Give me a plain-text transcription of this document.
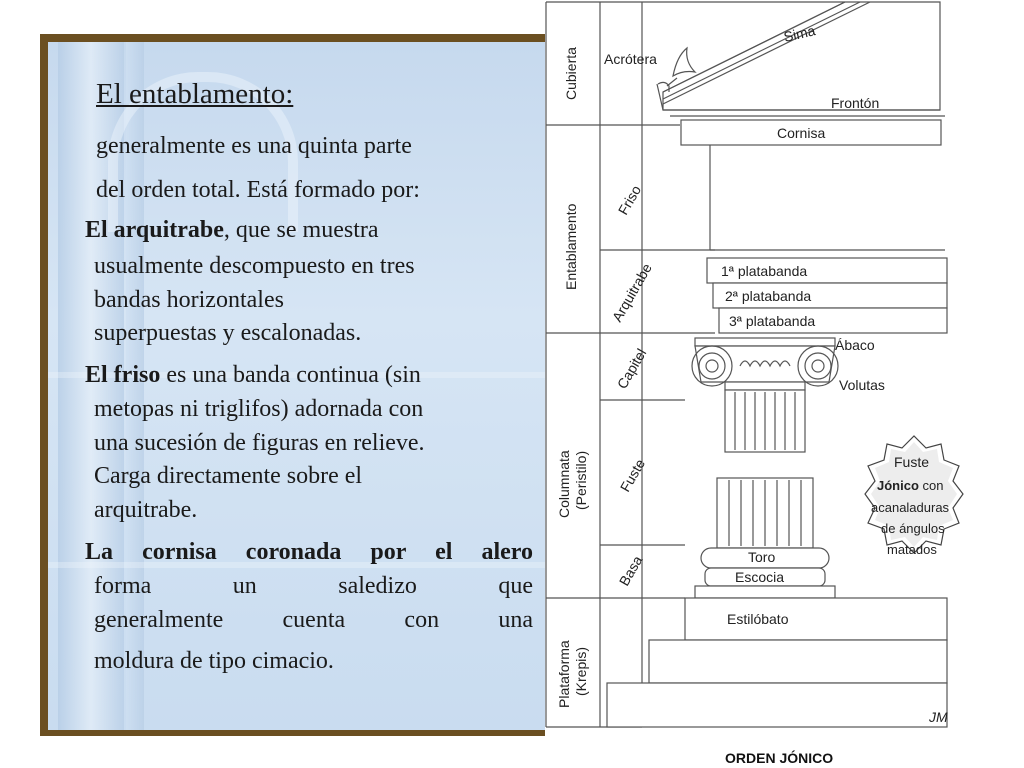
El entablamento:
generalmente es una quinta parte
del orden total. Está formado por:
El arquitrabe, que se muestra
usualmente descompuesto en tres
bandas horizontales
superpuestas y escalonadas.
El friso es una banda continua (sin
metopas ni triglifos) adornada con
una sucesión de figuras en relieve.
Carga directamente sobre el
arquitrabe.
La cornisa coronada por el alero
forma un saledizo que
generalmente cuenta con una
moldura de tipo cimacio.
Cubierta
Entablamento
Columnata (Peristilo)
Plataforma (Krepis)
Acrótera
Friso
Arquitrabe
Capitel
Fuste
Basa
Sima
Frontón
Cornisa
1ª platabanda
2ª platabanda
3ª platabanda
Ábaco
Volutas
Toro
Escocia
Estilóbato
Fuste
Jónico con
acanaladuras
de ángulos
matados
JM
ORDEN JÓNICO
